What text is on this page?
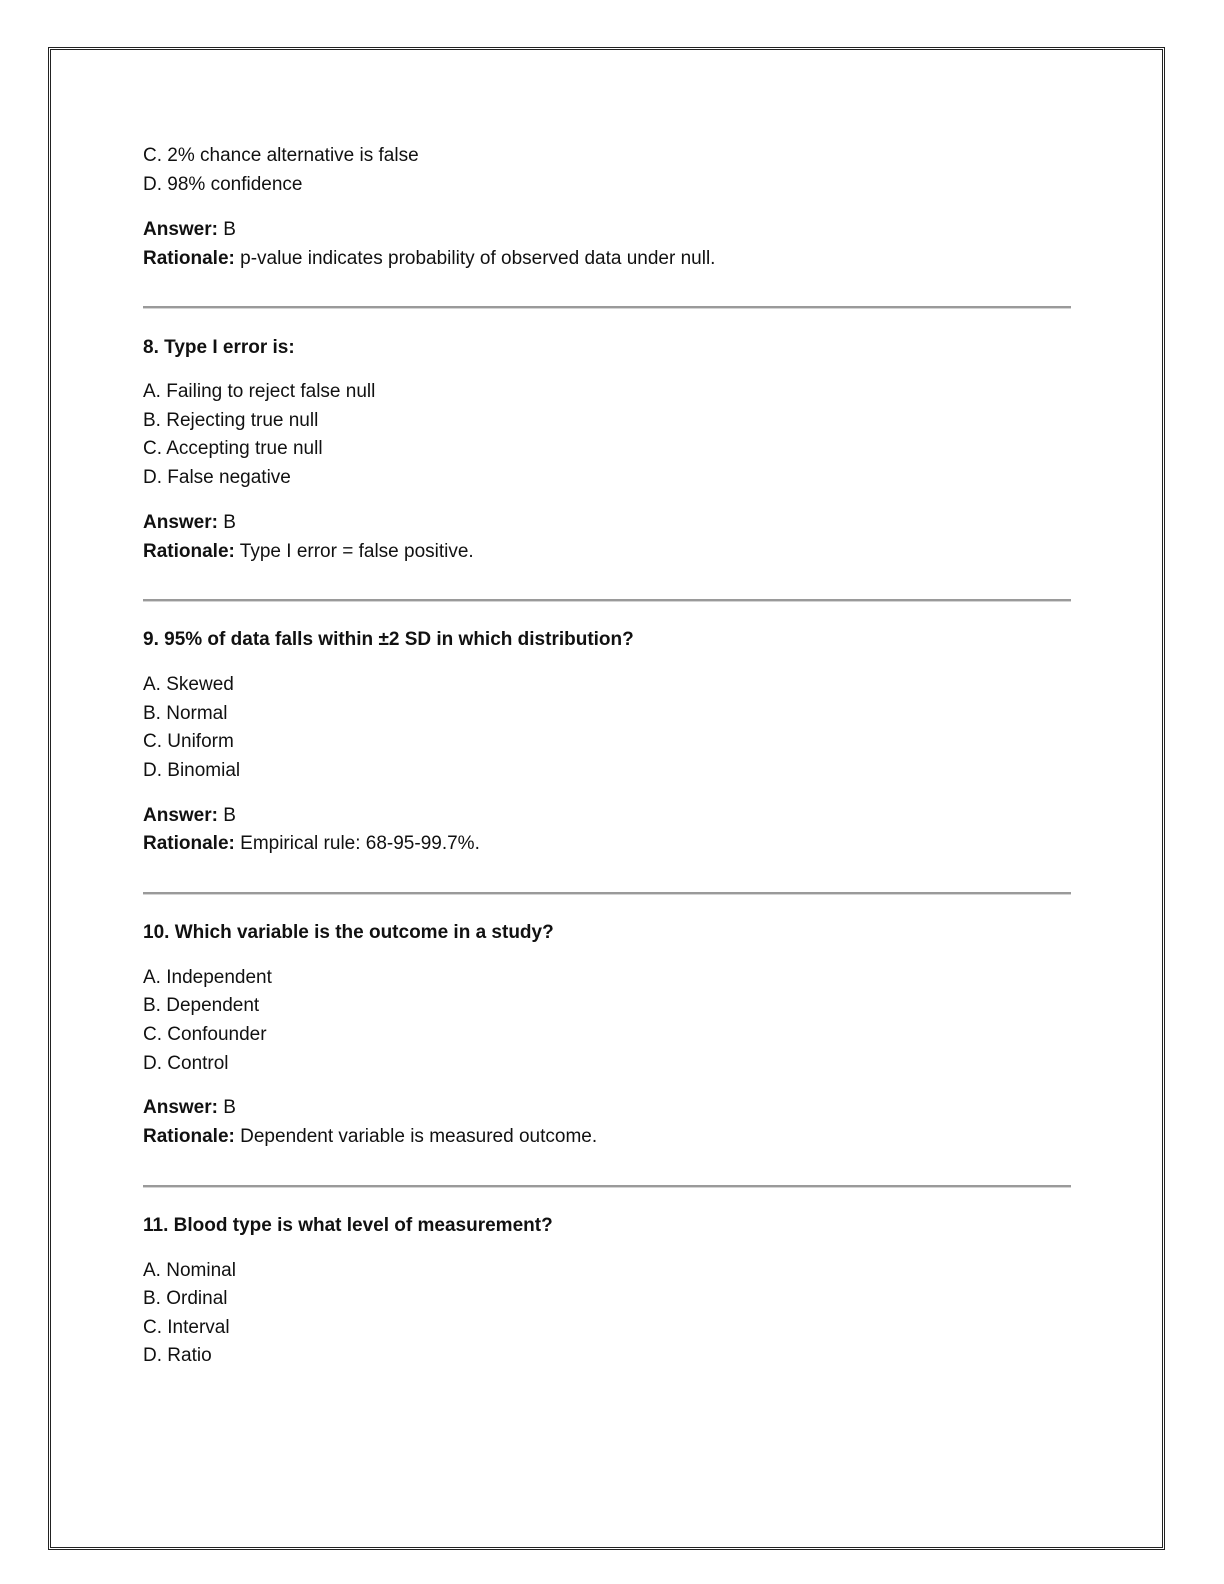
C. 2% chance alternative is false
D. 98% confidence
Answer: B
Rationale: p-value indicates probability of observed data under null.
8. Type I error is:
A. Failing to reject false null
B. Rejecting true null
C. Accepting true null
D. False negative
Answer: B
Rationale: Type I error = false positive.
9. 95% of data falls within ±2 SD in which distribution?
A. Skewed
B. Normal
C. Uniform
D. Binomial
Answer: B
Rationale: Empirical rule: 68-95-99.7%.
10. Which variable is the outcome in a study?
A. Independent
B. Dependent
C. Confounder
D. Control
Answer: B
Rationale: Dependent variable is measured outcome.
11. Blood type is what level of measurement?
A. Nominal
B. Ordinal
C. Interval
D. Ratio
